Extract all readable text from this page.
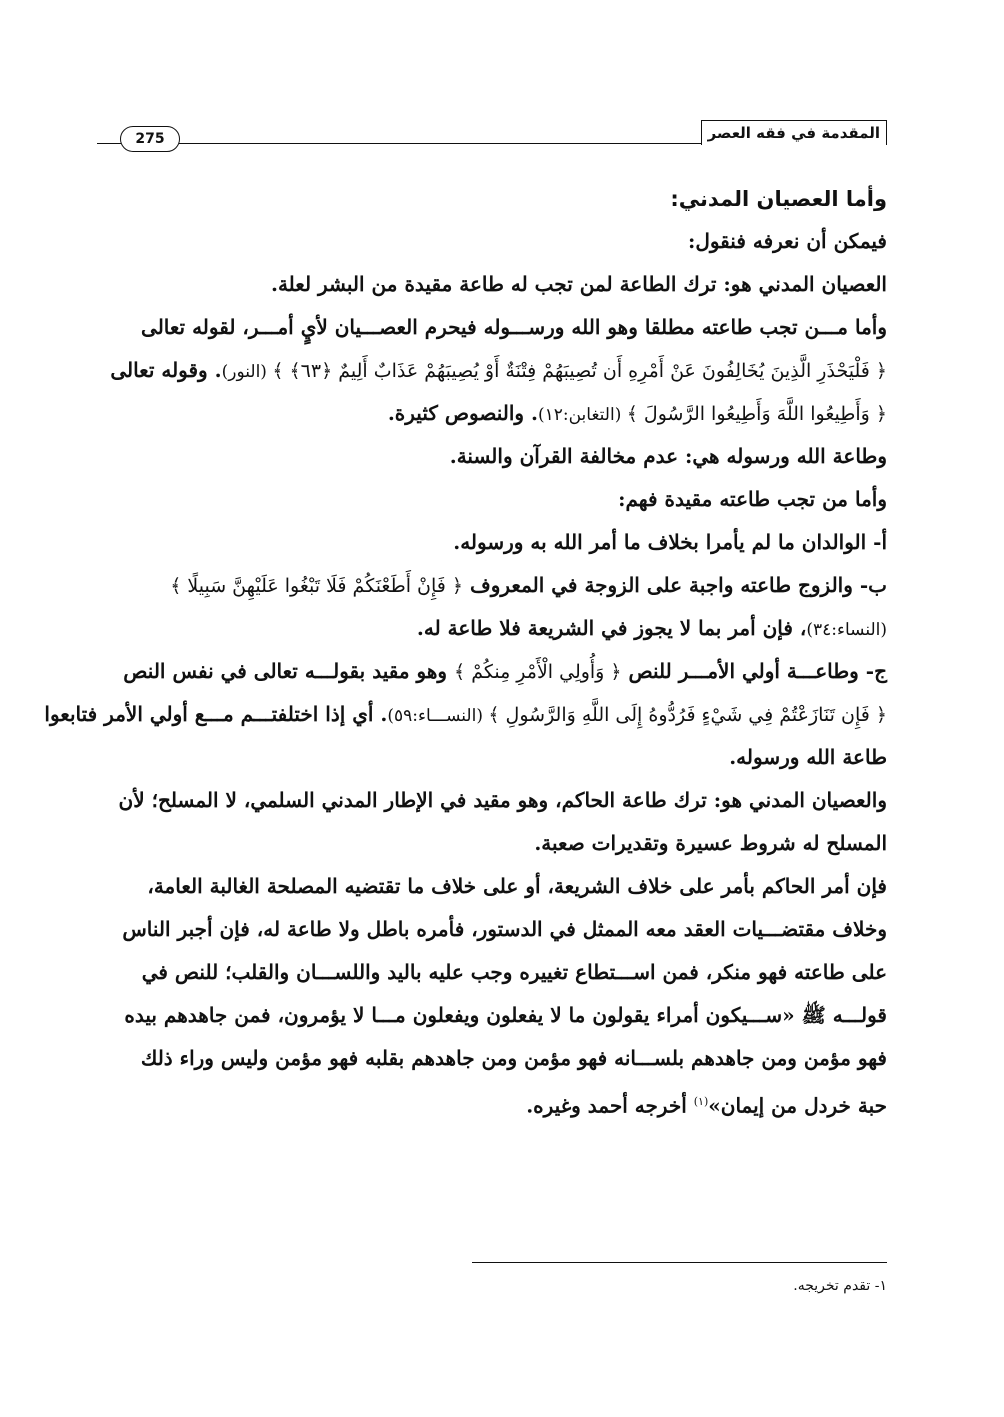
المقدمة في فقه العصر
275
وأما العصيان المدني:
فيمكن أن نعرفه فنقول:
العصيان المدني هو: ترك الطاعة لمن تجب له طاعة مقيدة من البشر لعلة.
وأما مـــن تجب طاعته مطلقا وهو الله ورســـوله فيحرم العصـــيان لأيٍ أمـــر، لقوله تعالى
﴿ فَلْيَحْذَرِ الَّذِينَ يُخَالِفُونَ عَنْ أَمْرِهِ أَن تُصِيبَهُمْ فِتْنَةٌ أَوْ يُصِيبَهُمْ عَذَابٌ أَلِيمٌ ﴿٦٣﴾ ﴾ (النور). وقوله تعالى
﴿ وَأَطِيعُوا اللَّهَ وَأَطِيعُوا الرَّسُولَ ﴾ (التغابن:١٢). والنصوص كثيرة.
وطاعة الله ورسوله هي: عدم مخالفة القرآن والسنة.
وأما من تجب طاعته مقيدة فهم:
أ- الوالدان ما لم يأمرا بخلاف ما أمر الله به ورسوله.
ب- والزوج طاعته واجبة على الزوجة في المعروف ﴿ فَإِنْ أَطَعْنَكُمْ فَلَا تَبْغُوا عَلَيْهِنَّ سَبِيلًا ﴾
(النساء:٣٤)، فإن أمر بما لا يجوز في الشريعة فلا طاعة له.
ج- وطاعـــة أولي الأمـــر للنص ﴿ وَأُولِي الْأَمْرِ مِنكُمْ ﴾ وهو مقيد بقولـــه تعالى في نفس النص
﴿ فَإِن تَنَازَعْتُمْ فِي شَيْءٍ فَرُدُّوهُ إِلَى اللَّهِ وَالرَّسُولِ ﴾ (النســـاء:٥٩). أي إذا اختلفتـــم مـــع أولي الأمر فتابعوا
طاعة الله ورسوله.
والعصيان المدني هو: ترك طاعة الحاكم، وهو مقيد في الإطار المدني السلمي، لا المسلح؛ لأن
المسلح له شروط عسيرة وتقديرات صعبة.
فإن أمر الحاكم بأمر على خلاف الشريعة، أو على خلاف ما تقتضيه المصلحة الغالبة العامة،
وخلاف مقتضـــيات العقد معه الممثل في الدستور، فأمره باطل ولا طاعة له، فإن أجبر الناس
على طاعته فهو منكر، فمن اســـتطاع تغييره وجب عليه باليد واللســـان والقلب؛ للنص في
قولـــه ﷺ «ســـيكون أمراء يقولون ما لا يفعلون ويفعلون مـــا لا يؤمرون، فمن جاهدهم بيده
فهو مؤمن ومن جاهدهم بلســـانه فهو مؤمن ومن جاهدهم بقلبه فهو مؤمن وليس وراء ذلك
حبة خردل من إيمان»$^{(١)}$ أخرجه أحمد وغيره.
١- تقدم تخريجه.
